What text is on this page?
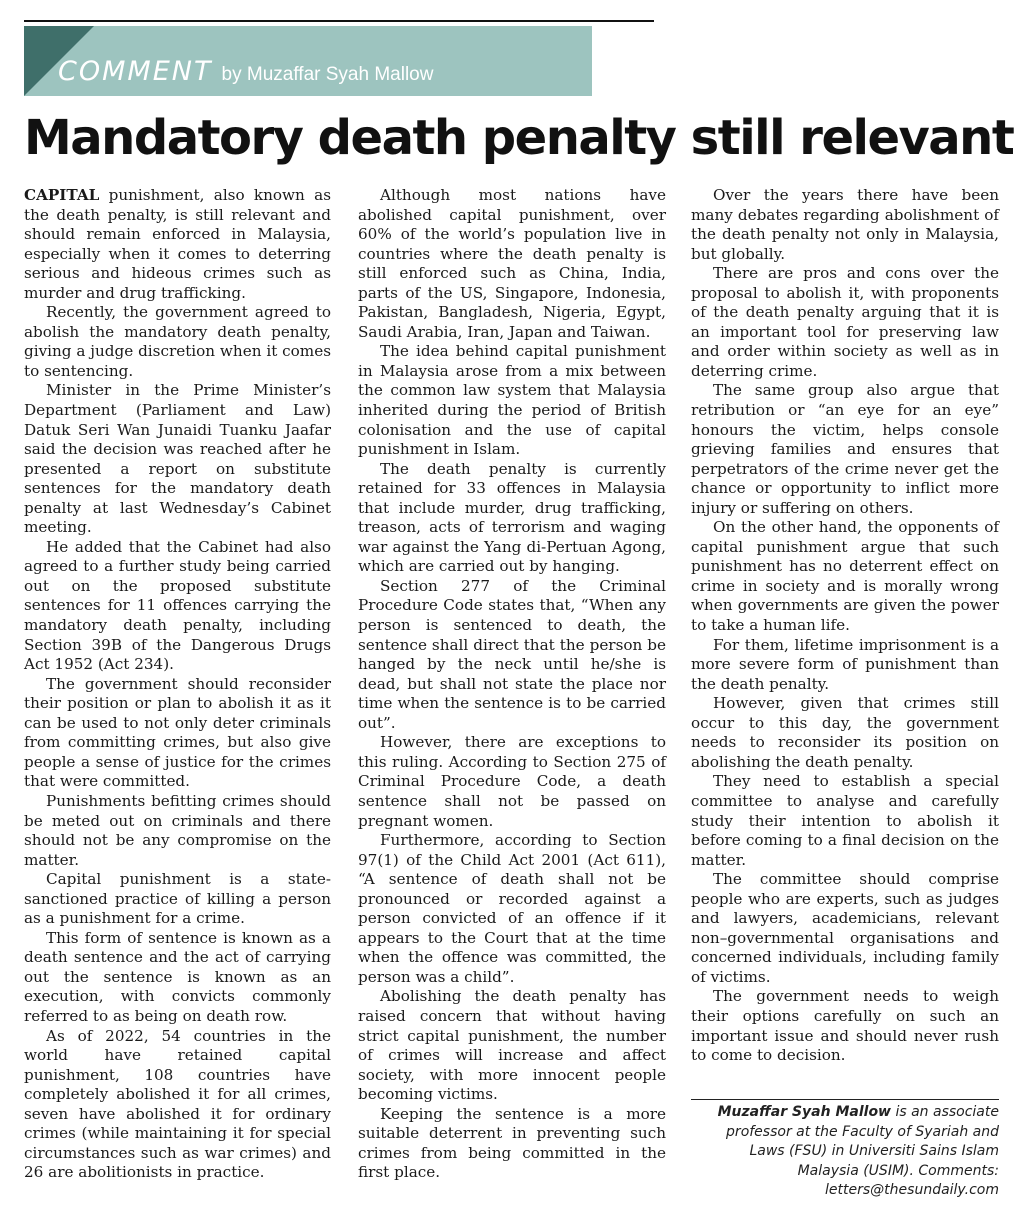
COMMENT by Muzaffar Syah Mallow
Mandatory death penalty still relevant

CAPITAL punishment, also known as the death penalty, is still relevant and should remain enforced in Malaysia, especially when it comes to deterring serious and hideous crimes such as murder and drug trafficking.

Recently, the government agreed to abolish the mandatory death penalty, giving a judge discretion when it comes to sentencing.

Minister in the Prime Minister’s Department (Parliament and Law) Datuk Seri Wan Junaidi Tuanku Jaafar said the decision was reached after he presented a report on substitute sentences for the mandatory death penalty at last Wednesday’s Cabinet meeting.

He added that the Cabinet had also agreed to a further study being carried out on the proposed substitute sentences for 11 offences carrying the mandatory death penalty, including Section 39B of the Dangerous Drugs Act 1952 (Act 234).

The government should reconsider their position or plan to abolish it as it can be used to not only deter criminals from committing crimes, but also give people a sense of justice for the crimes that were committed.

Punishments befitting crimes should be meted out on criminals and there should not be any compromise on the matter.

Capital punishment is a state-sanctioned practice of killing a person as a punishment for a crime.

This form of sentence is known as a death sentence and the act of carrying out the sentence is known as an execution, with convicts commonly referred to as being on death row.

As of 2022, 54 countries in the world have retained capital punishment, 108 countries have completely abolished it for all crimes, seven have abolished it for ordinary crimes (while maintaining it for special circumstances such as war crimes) and 26 are abolitionists in practice.

Although most nations have abolished capital punishment, over 60% of the world’s population live in countries where the death penalty is still enforced such as China, India, parts of the US, Singapore, Indonesia, Pakistan, Bangladesh, Nigeria, Egypt, Saudi Arabia, Iran, Japan and Taiwan.

The idea behind capital punishment in Malaysia arose from a mix between the common law system that Malaysia inherited during the period of British colonisation and the use of capital punishment in Islam.

The death penalty is currently retained for 33 offences in Malaysia that include murder, drug trafficking, treason, acts of terrorism and waging war against the Yang di-Pertuan Agong, which are carried out by hanging.

Section 277 of the Criminal Procedure Code states that, “When any person is sentenced to death, the sentence shall direct that the person be hanged by the neck until he/she is dead, but shall not state the place nor time when the sentence is to be carried out”.

However, there are exceptions to this ruling. According to Section 275 of Criminal Procedure Code, a death sentence shall not be passed on pregnant women.

Furthermore, according to Section 97(1) of the Child Act 2001 (Act 611), “A sentence of death shall not be pronounced or recorded against a person convicted of an offence if it appears to the Court that at the time when the offence was committed, the person was a child”.

Abolishing the death penalty has raised concern that without having strict capital punishment, the number of crimes will increase and affect society, with more innocent people becoming victims.

Keeping the sentence is a more suitable deterrent in preventing such crimes from being committed in the first place.

Over the years there have been many debates regarding abolishment of the death penalty not only in Malaysia, but globally.

There are pros and cons over the proposal to abolish it, with proponents of the death penalty arguing that it is an important tool for preserving law and order within society as well as in deterring crime.

The same group also argue that retribution or “an eye for an eye” honours the victim, helps console grieving families and ensures that perpetrators of the crime never get the chance or opportunity to inflict more injury or suffering on others.

On the other hand, the opponents of capital punishment argue that such punishment has no deterrent effect on crime in society and is morally wrong when governments are given the power to take a human life.

For them, lifetime imprisonment is a more severe form of punishment than the death penalty.

However, given that crimes still occur to this day, the government needs to reconsider its position on abolishing the death penalty.

They need to establish a special committee to analyse and carefully study their intention to abolish it before coming to a final decision on the matter.

The committee should comprise people who are experts, such as judges and lawyers, academicians, relevant non–governmental organisations and concerned individuals, including family of victims.

The government needs to weigh their options carefully on such an important issue and should never rush to come to decision.

Muzaffar Syah Mallow is an associate professor at the Faculty of Syariah and Laws (FSU) in Universiti Sains Islam Malaysia (USIM). Comments: letters@thesundaily.com
